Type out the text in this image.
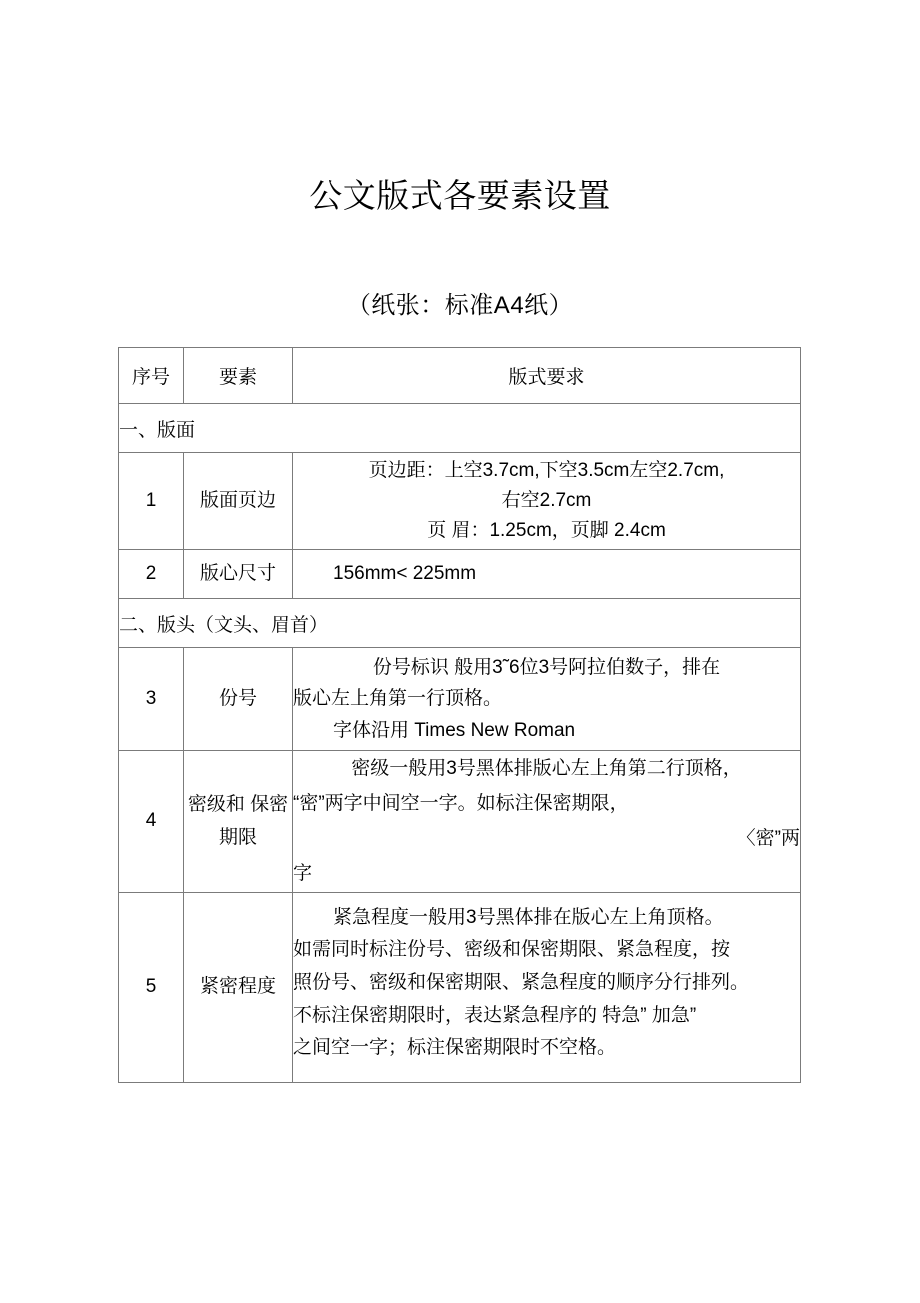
公文版式各要素设置
（纸张：标准A4纸）
序号	要素	版式要求
一、版面		
1	版面页边	页边距：上空3.7cm,下空3.5cm左空2.7cm,
右空2.7cm
页 眉：1.25cm，页脚 2.4cm

2	版心尺寸	156mm< 225mm

二、版头（文头、眉首）		
3	份号	份号标识 般用3˜6位3号阿拉伯数子，排在
版心左上角第一行顶格。
字体沿用 Times New Roman

4	密级和 保密期限	密级一般用3号黑体排版心左上角第二行顶格，
“密”两字中间空一字。如标注保密期限，
〈密”两
字

5	紧密程度	紧急程度一般用3号黑体排在版心左上角顶格。
如需同时标注份号、密级和保密期限、紧急程度，按
照份号、密级和保密期限、紧急程度的顺序分行排列。
不标注保密期限时，表达紧急程序的 特急” 加急”
之间空一字；标注保密期限时不空格。
